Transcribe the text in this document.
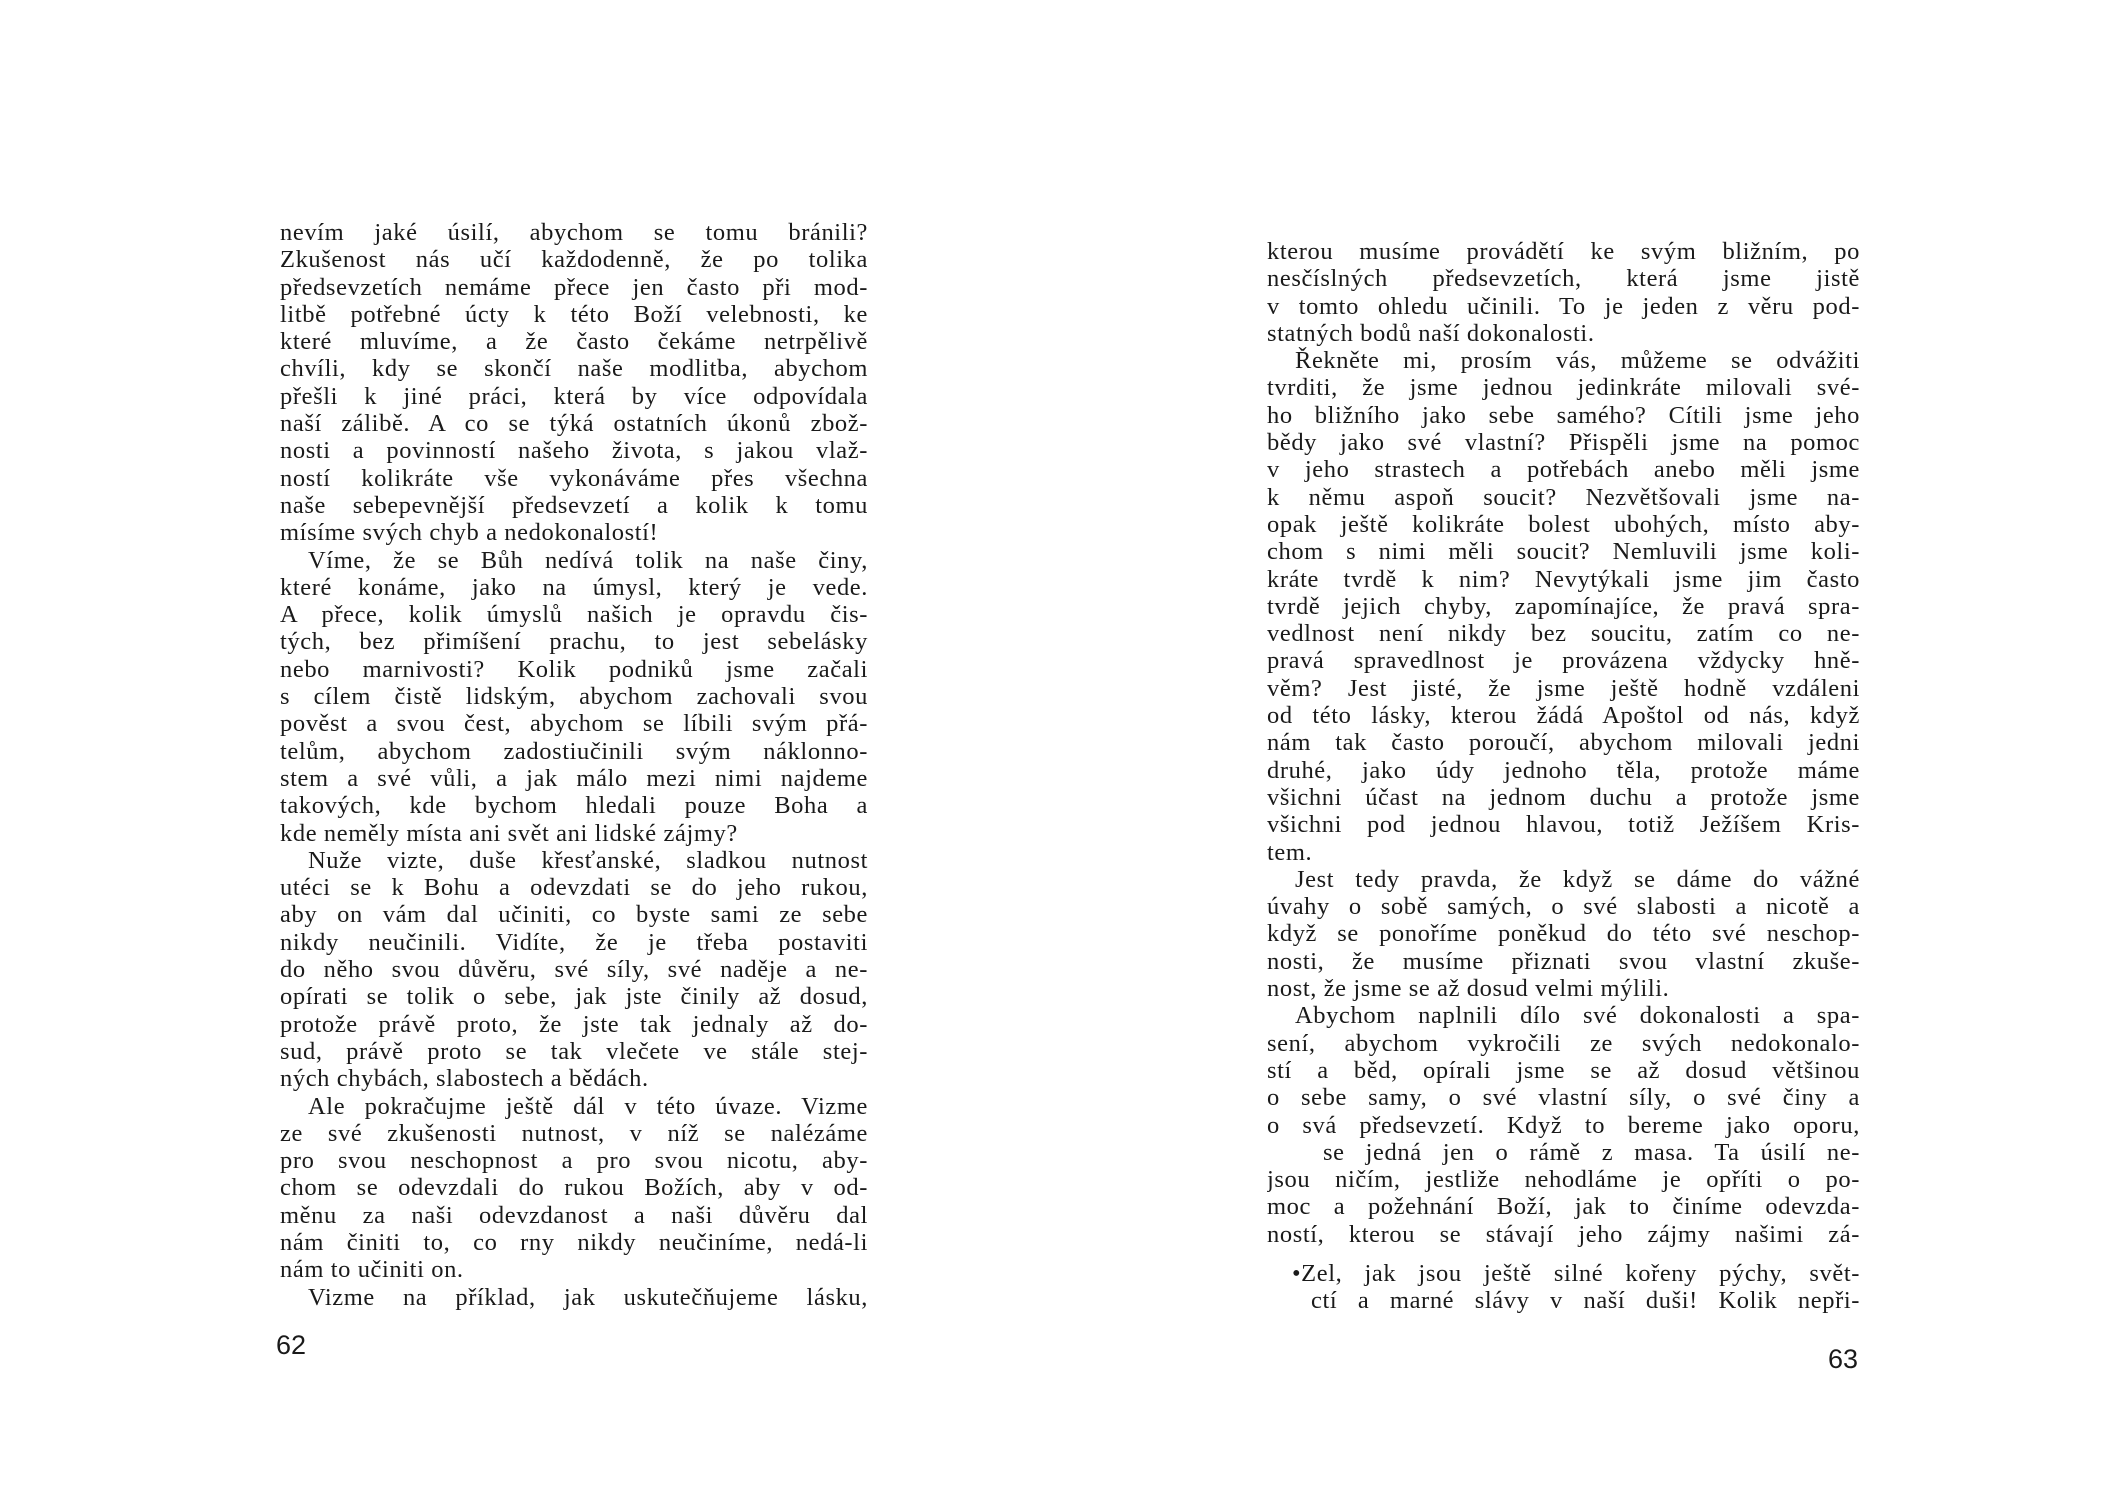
nevím jaké úsilí, abychom se tomu bránili?
Zkušenost nás učí každodenně, že po tolika
předsevzetích nemáme přece jen často při mod-
litbě potřebné úcty k této Boží velebnosti, ke
které mluvíme, a že často čekáme netrpělivě
chvíli, kdy se skončí naše modlitba, abychom
přešli k jiné práci, která by více odpovídala
naší zálibě. A co se týká ostatních úkonů zbož-
nosti a povinností našeho života, s jakou vlaž-
ností kolikráte vše vykonáváme přes všechna
naše sebepevnější předsevzetí a kolik k tomu
mísíme svých chyb a nedokonalostí!
Víme, že se Bůh nedívá tolik na naše činy,
které konáme, jako na úmysl, který je vede.
A přece, kolik úmyslů našich je opravdu čis-
tých, bez přimíšení prachu, to jest sebelásky
nebo marnivosti? Kolik podniků jsme začali
s cílem čistě lidským, abychom zachovali svou
pověst a svou čest, abychom se líbili svým přá-
telům, abychom zadostiučinili svým náklonno-
stem a své vůli, a jak málo mezi nimi najdeme
takových, kde bychom hledali pouze Boha a
kde neměly místa ani svět ani lidské zájmy?
Nuže vizte, duše křesťanské, sladkou nutnost
utéci se k Bohu a odevzdati se do jeho rukou,
aby on vám dal učiniti, co byste sami ze sebe
nikdy neučinili. Vidíte, že je třeba postaviti
do něho svou důvěru, své síly, své naděje a ne-
opírati se tolik o sebe, jak jste činily až dosud,
protože právě proto, že jste tak jednaly až do-
sud, právě proto se tak vlečete ve stále stej-
ných chybách, slabostech a bědách.
Ale pokračujme ještě dál v této úvaze. Vizme
ze své zkušenosti nutnost, v níž se nalézáme
pro svou neschopnost a pro svou nicotu, aby-
chom se odevzdali do rukou Božích, aby v od-
měnu za naši odevzdanost a naši důvěru dal
nám činiti to, co rny nikdy neučiníme, nedá-li
nám to učiniti on.
Vizme na příklad, jak uskutečňujeme lásku,
62
kterou musíme provádětí ke svým bližním, po
nesčíslných předsevzetích, která jsme jistě
v tomto ohledu učinili. To je jeden z věru pod-
statných bodů naší dokonalosti.
Řekněte mi, prosím vás, můžeme se odvážiti
tvrditi, že jsme jednou jedinkráte milovali své-
ho bližního jako sebe samého? Cítili jsme jeho
bědy jako své vlastní? Přispěli jsme na pomoc
v jeho strastech a potřebách anebo měli jsme
k němu aspoň soucit? Nezvětšovali jsme na-
opak ještě kolikráte bolest ubohých, místo aby-
chom s nimi měli soucit? Nemluvili jsme koli-
kráte tvrdě k nim? Nevytýkali jsme jim často
tvrdě jejich chyby, zapomínajíce, že pravá spra-
vedlnost není nikdy bez soucitu, zatím co ne-
pravá spravedlnost je provázena vždycky hně-
věm? Jest jisté, že jsme ještě hodně vzdáleni
od této lásky, kterou žádá Apoštol od nás, když
nám tak často poroučí, abychom milovali jedni
druhé, jako údy jednoho těla, protože máme
všichni účast na jednom duchu a protože jsme
všichni pod jednou hlavou, totiž Ježíšem Kris-
tem.
Jest tedy pravda, že když se dáme do vážné
úvahy o sobě samých, o své slabosti a nicotě a
když se ponoříme poněkud do této své neschop-
nosti, že musíme přiznati svou vlastní zkuše-
nost, že jsme se až dosud velmi mýlili.
Abychom naplnili dílo své dokonalosti a spa-
sení, abychom vykročili ze svých nedokonalo-
stí a běd, opírali jsme se až dosud většinou
o sebe samy, o své vlastní síly, o své činy a
o svá předsevzetí. Když to bereme jako oporu,
se jedná jen o rámě z masa. Ta úsilí ne-
jsou ničím, jestliže nehodláme je opříti o po-
moc a požehnání Boží, jak to činíme odevzda-
ností, kterou se stávají jeho zájmy našimi zá-
•Zel, jak jsou ještě silné kořeny pýchy, svět-
ctí a marné slávy v naší duši! Kolik nepři-
63
